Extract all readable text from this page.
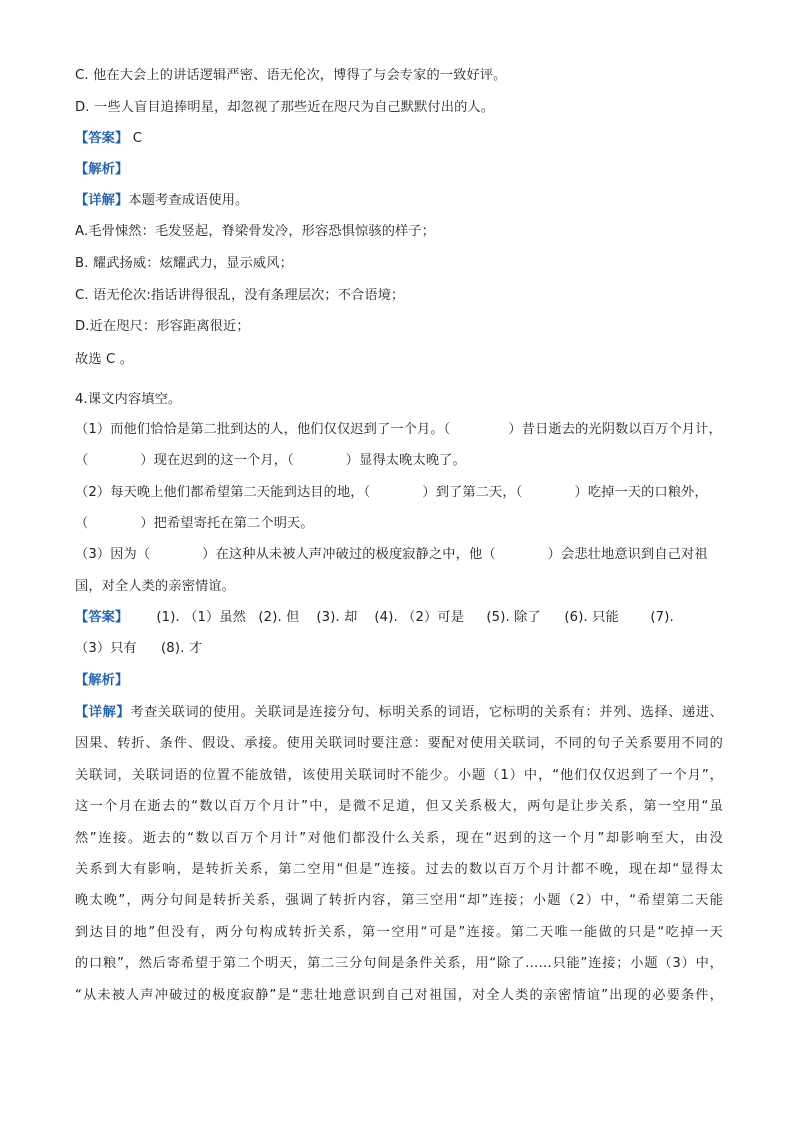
C. 他在大会上的讲话逻辑严密、语无伦次，博得了与会专家的一致好评。
D. 一些人盲目追捧明星，却忽视了那些近在咫尺为自己默默付出的人。
【答案】 C
【解析】
【详解】本题考查成语使用。
A.毛骨悚然：毛发竖起，脊梁骨发冷，形容恐惧惊骇的样子；
B. 耀武扬威：炫耀武力，显示威风；
C. 语无伦次:指话讲得很乱，没有条理层次；不合语境；
D.近在咫尺：形容距离很近；
故选 C 。
4.课文内容填空。
（1）而他们恰恰是第二批到达的人，他们仅仅迟到了一个月。（	）昔日逝去的光阴数以百万个月计，
（	）现在迟到的这一个月，（	）显得太晚太晚了。
（2）每天晚上他们都希望第二天能到达目的地，（	）到了第二天，（	）吃掉一天的口粮外，
（	）把希望寄托在第二个明天。
（3）因为（	）在这种从未被人声冲破过的极度寂静之中，他（	）会悲壮地意识到自己对祖
国，对全人类的亲密情谊。
【答案】 (1). （1）虽然 (2). 但 (3). 却 (4). （2）可是 (5). 除了 (6). 只能 (7).
（3）只有 (8). 才
【解析】
【详解】考查关联词的使用。关联词是连接分句、标明关系的词语，它标明的关系有：并列、选择、递进、
因果、转折、条件、假设、承接。使用关联词时要注意：要配对使用关联词，不同的句子关系要用不同的
关联词，关联词语的位置不能放错，该使用关联词时不能少。小题（1）中，“他们仅仅迟到了一个月”，
这一个月在逝去的“数以百万个月计”中，是微不足道，但又关系极大，两句是让步关系，第一空用“虽
然”连接。逝去的“数以百万个月计”对他们都没什么关系，现在“迟到的这一个月”却影响至大，由没
关系到大有影响，是转折关系，第二空用“但是”连接。过去的数以百万个月计都不晚，现在却“显得太
晚太晚”，两分句间是转折关系，强调了转折内容，第三空用“却”连接；小题（2）中，“希望第二天能
到达目的地”但没有，两分句构成转折关系，第一空用“可是”连接。第二天唯一能做的只是“吃掉一天
的口粮”，然后寄希望于第二个明天，第二三分句间是条件关系，用“除了……只能”连接；小题（3）中，
“从未被人声冲破过的极度寂静”是“悲壮地意识到自己对祖国，对全人类的亲密情谊”出现的必要条件，
